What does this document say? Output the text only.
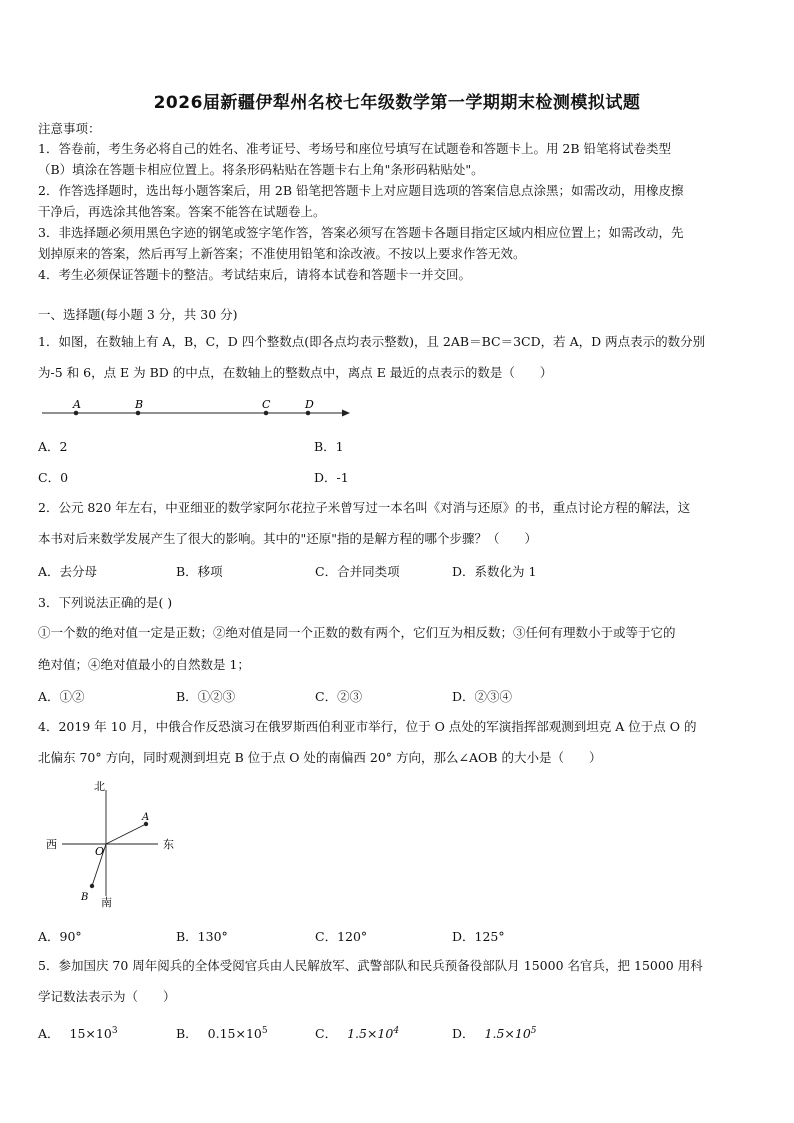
2026届新疆伊犁州名校七年级数学第一学期期末检测模拟试题
注意事项：
1．答卷前，考生务必将自己的姓名、准考证号、考场号和座位号填写在试题卷和答题卡上。用 2B 铅笔将试卷类型
（B）填涂在答题卡相应位置上。将条形码粘贴在答题卡右上角"条形码粘贴处"。
2．作答选择题时，选出每小题答案后，用 2B 铅笔把答题卡上对应题目选项的答案信息点涂黑；如需改动，用橡皮擦
干净后，再选涂其他答案。答案不能答在试题卷上。
3．非选择题必须用黑色字迹的钢笔或签字笔作答，答案必须写在答题卡各题目指定区域内相应位置上；如需改动，先
划掉原来的答案，然后再写上新答案；不准使用铅笔和涂改液。不按以上要求作答无效。
4．考生必须保证答题卡的整洁。考试结束后，请将本试卷和答题卡一并交回。
一、选择题(每小题 3 分，共 30 分)
1．如图，在数轴上有 A，B，C，D 四个整数点(即各点均表示整数)，且 2AB＝BC＝3CD，若 A，D 两点表示的数分别
为-5 和 6，点 E 为 BD 的中点，在数轴上的整数点中，离点 E 最近的点表示的数是（　　）
A	B	C	D
A．2	B．1
C．0	D．-1
2．公元 820 年左右，中亚细亚的数学家阿尔花拉子米曾写过一本名叫《对消与还原》的书，重点讨论方程的解法，这
本书对后来数学发展产生了很大的影响。其中的"还原"指的是解方程的哪个步骤？（　　）
A．去分母	B．移项	C．合并同类项	D．系数化为 1
3．下列说法正确的是( )
①一个数的绝对值一定是正数；②绝对值是同一个正数的数有两个，它们互为相反数；③任何有理数小于或等于它的
绝对值；④绝对值最小的自然数是 1；
A．①②	B．①②③	C．②③	D．②③④
4．2019 年 10 月，中俄合作反恐演习在俄罗斯西伯利亚市举行，位于 O 点处的军演指挥部观测到坦克 A 位于点 O 的
北偏东 70° 方向，同时观测到坦克 B 位于点 O 处的南偏西 20° 方向，那么∠AOB 的大小是（　　）
北
南
西	东
O
A
B
A．90°	B．130°	C．120°	D．125°
5．参加国庆 70 周年阅兵的全体受阅官兵由人民解放军、武警部队和民兵预备役部队月 15000 名官兵，把 15000 用科
学记数法表示为（　　）
A． $15\times 10^3$	B． $0.15\times 10^5$	C． $1.5\times 10^4$	D． $1.5\times 10^5$
